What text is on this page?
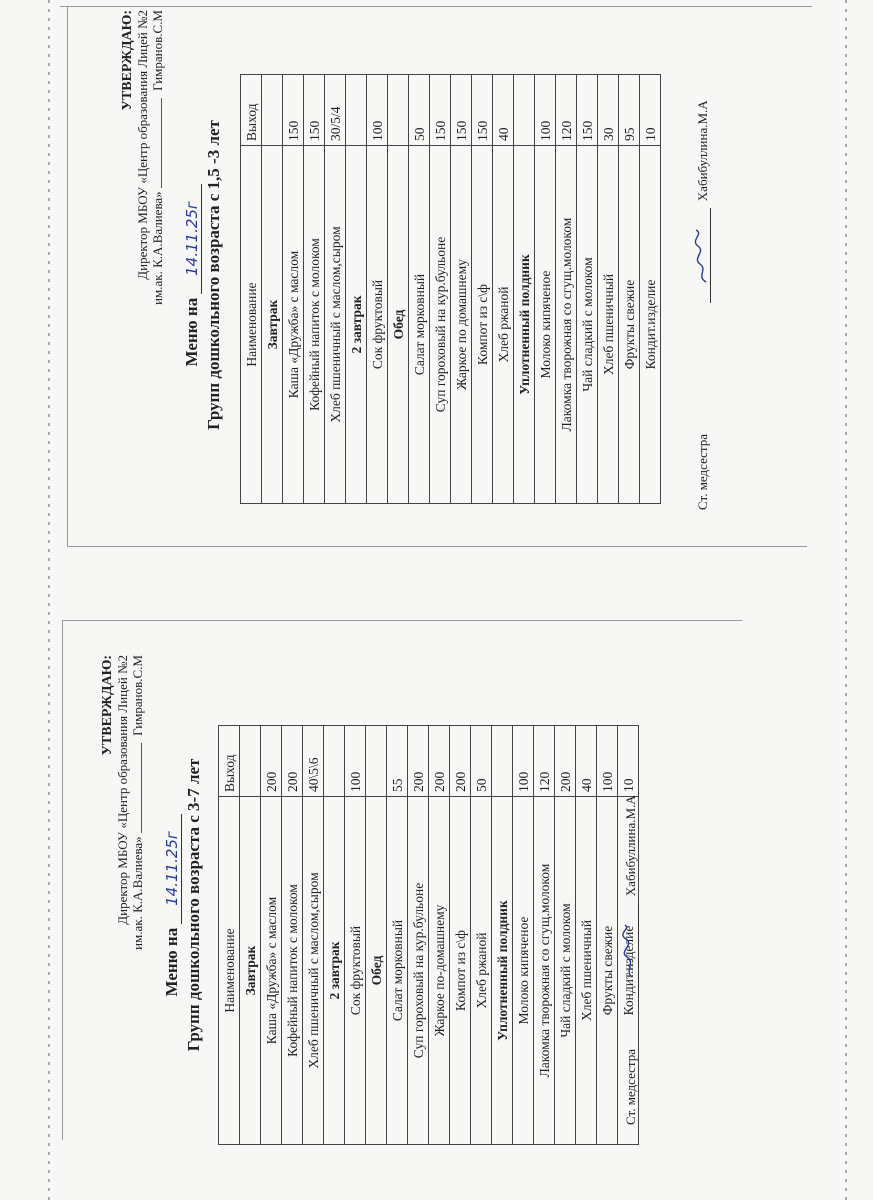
УТВЕРЖДАЮ: Директор МБОУ «Центр образования Лицей №2 им.ак. К.А.Валиева»  Гимранов.С.М
Меню на 14.11.25г Групп дошкольного возраста с 1,5 -3 лет Наименование	Выход
Завтрак	
Каша «Дружба» с маслом	150
Кофейный напиток с молоком	150
Хлеб пшеничный с маслом,сыром	30/5/4
2 завтрак	
Сок фруктовый	100
Обед	
Салат морковный	50
Суп гороховый на кур.бульоне	150
Жаркое по домашнему	150
Компот из с\ф	150
Хлеб ржаной	40
Уплотненный полдник	
Молоко кипяченое	100
Лакомка творожная со сгущ.молоком	120
Чай сладкий с молоком	150
Хлеб пшеничный	30
Фрукты свежие	95
Кондит.изделие	10
Ст. медсестра
Хабибуллина.М.А
УТВЕРЖДАЮ: Директор МБОУ «Центр образования Лицей №2 им.ак. К.А.Валиева»  Гимранов.С.М
Меню на 14.11.25г Групп дошкольного возраста с 3-7 лет Наименование	Выход
Завтрак	
Каша «Дружба» с маслом	200
Кофейный напиток с молоком	200
Хлеб пшеничный с маслом,сыром	40\5\6
2 завтрак	
Сок фруктовый	100
Обед	
Салат морковный	55
Суп гороховый на кур.бульоне	200
Жаркое по-домашнему	200
Компот из с\ф	200
Хлеб ржаной	50
Уплотненный полдник	
Молоко кипяченое	100
Лакомка творожная со сгущ.молоком	120
Чай сладкий с молоком	200
Хлеб пшеничный	40
Фрукты свежие	100
Кондит.изделие	10
Ст. медсестра
Хабибуллина.М.А
